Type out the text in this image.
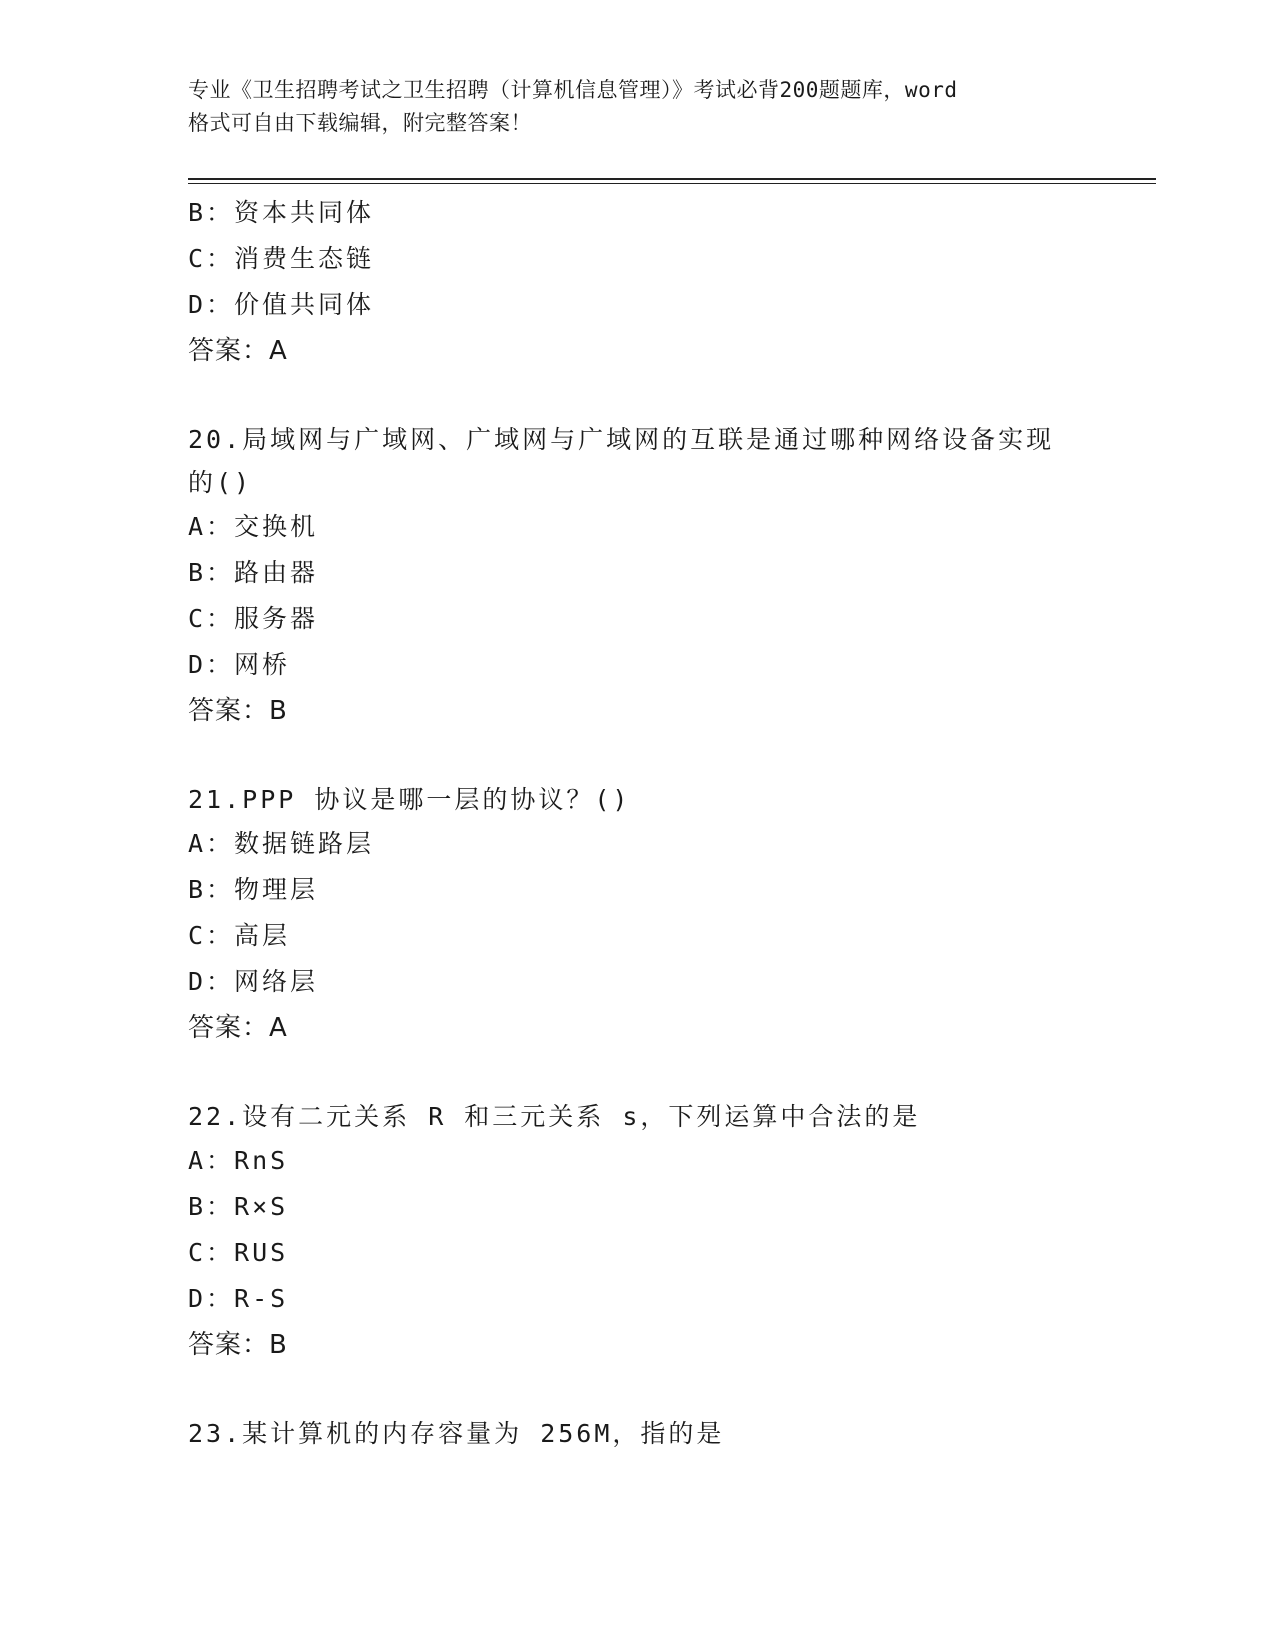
专业《卫生招聘考试之卫生招聘（计算机信息管理）》考试必背200题题库，word
格式可自由下载编辑，附完整答案！
B：资本共同体
C：消费生态链
D：价值共同体
答案：A
20.局域网与广域网、广域网与广域网的互联是通过哪种网络设备实现
的()
A：交换机
B：路由器
C：服务器
D：网桥
答案：B
21.PPP 协议是哪一层的协议？()
A：数据链路层
B：物理层
C：高层
D：网络层
答案：A
22.设有二元关系 R 和三元关系 s，下列运算中合法的是
A：RnS
B：R×S
C：RUS
D：R-S
答案：B
23.某计算机的内存容量为 256M，指的是
